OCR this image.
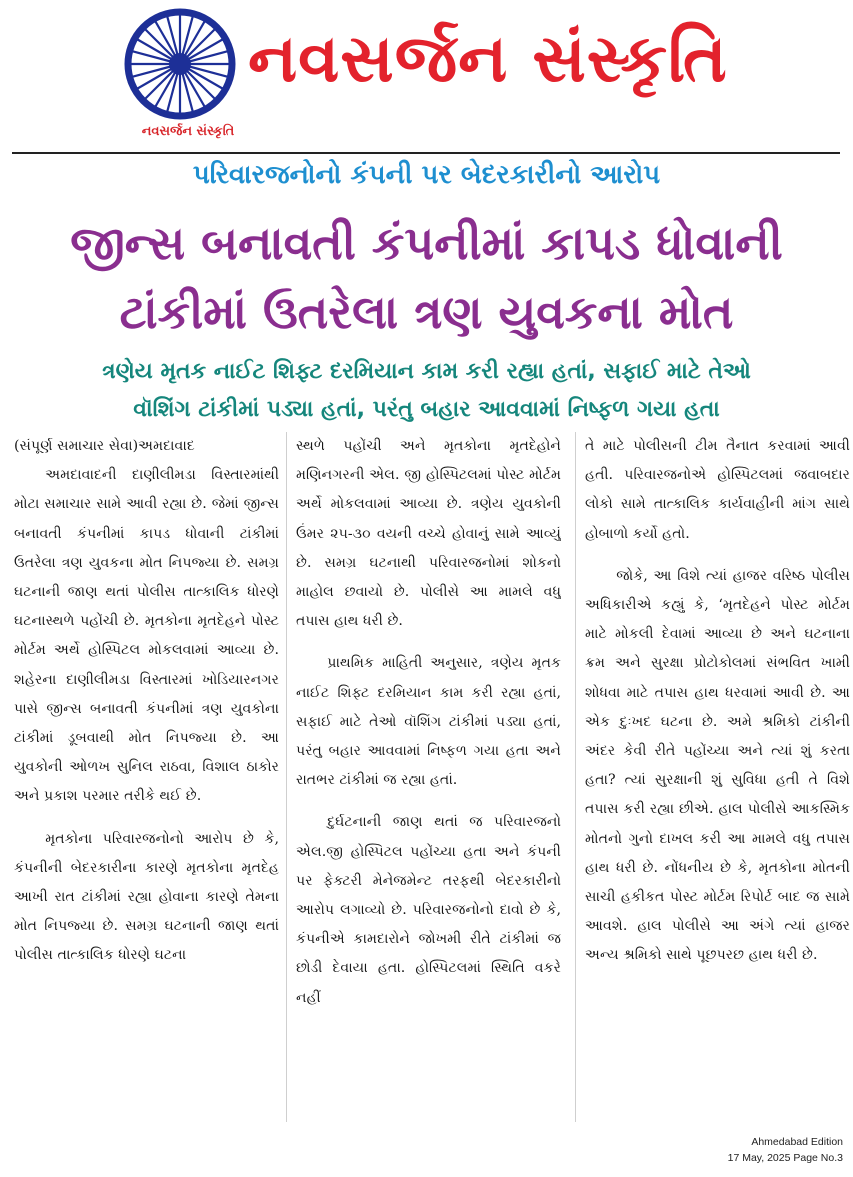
નવસર્જન સંસ્કૃતિ
નવસર્જન સંસ્કૃતિ
પરિવારજનોનો કંપની પર બેદરકારીનો આરોપ
જીન્સ બનાવતી કંપનીમાં કાપડ ધોવાની
ટાંકીમાં ઉતરેલા ત્રણ યુવકના મોત
ત્રણેય મૃતક નાઈટ શિફ્ટ દરમિયાન કામ કરી રહ્યા હતાં, સફાઈ માટે તેઓ
વૉશિંગ ટાંકીમાં પડ્યા હતાં, પરંતુ બહાર આવવામાં નિષ્ફળ ગયા હતા

(સંપૂર્ણ સમાચાર સેવા)અમદાવાદ

અમદાવાદની દાણીલીમડા વિસ્તારમાંથી મોટા સમાચાર સામે આવી રહ્યા છે. જેમાં જીન્સ બનાવતી કંપનીમાં કાપડ ધોવાની ટાંકીમાં ઉતરેલા ત્રણ યુવકના મોત નિપજ્યા છે. સમગ્ર ઘટનાની જાણ થતાં પોલીસ તાત્કાલિક ધોરણે ઘટનાસ્થળે પહોંચી છે. મૃતકોના મૃતદેહને પોસ્ટ મોર્ટમ અર્થે હોસ્પિટલ મોકલવામાં આવ્યા છે. શહેરના દાણીલીમડા વિસ્તારમાં ખોડિયારનગર પાસે જીન્સ બનાવતી કંપનીમાં ત્રણ યુવકોના ટાંકીમાં ડૂબવાથી મોત નિપજ્યા છે. આ યુવકોની ઓળખ સુનિલ રાઠવા, વિશાલ ઠાકોર અને પ્રકાશ પરમાર તરીકે થઈ છે.

મૃતકોના પરિવારજનોનો આરોપ છે કે, કંપનીની બેદરકારીના કારણે મૃતકોના મૃતદેહ આખી રાત ટાંકીમાં રહ્યા હોવાના કારણે તેમના મોત નિપજ્યા છે. સમગ્ર ઘટનાની જાણ થતાં પોલીસ તાત્કાલિક ધોરણે ઘટના

સ્થળે પહોંચી અને મૃતકોના મૃતદેહોને મણિનગરની એલ. જી હોસ્પિટલમાં પોસ્ટ મોર્ટમ અર્થે મોકલવામાં આવ્યા છે. ત્રણેય યુવકોની ઉંમર ૨૫-૩૦ વયની વચ્ચે હોવાનું સામે આવ્યું છે. સમગ્ર ઘટનાથી પરિવારજનોમાં શોકનો માહોલ છવાયો છે. પોલીસે આ મામલે વધુ તપાસ હાથ ધરી છે.

પ્રાથમિક માહિતી અનુસાર, ત્રણેય મૃતક નાઈટ શિફ્ટ દરમિયાન કામ કરી રહ્યા હતાં, સફાઈ માટે તેઓ વૉશિંગ ટાંકીમાં પડ્યા હતાં, પરંતુ બહાર આવવામાં નિષ્ફળ ગયા હતા અને રાતભર ટાંકીમાં જ રહ્યા હતાં.

દુર્ઘટનાની જાણ થતાં જ પરિવારજનો એલ.જી હોસ્પિટલ પહોંચ્યા હતા અને કંપની પર ફેક્ટરી મેનેજમેન્ટ તરફથી બેદરકારીનો આરોપ લગાવ્યો છે. પરિવારજનોનો દાવો છે કે, કંપનીએ કામદારોને જોખમી રીતે ટાંકીમાં જ છોડી દેવાયા હતા. હોસ્પિટલમાં સ્થિતિ વકરે નહીં

તે માટે પોલીસની ટીમ તૈનાત કરવામાં આવી હતી. પરિવારજનોએ હોસ્પિટલમાં જવાબદાર લોકો સામે તાત્કાલિક કાર્યવાહીની માંગ સાથે હોબાળો કર્યો હતો.

જોકે, આ વિશે ત્યાં હાજર વરિષ્ઠ પોલીસ અધિકારીએ કહ્યું કે, ‘મૃતદેહને પોસ્ટ મોર્ટમ માટે મોકલી દેવામાં આવ્યા છે અને ઘટનાના ક્રમ અને સુરક્ષા પ્રોટોકોલમાં સંભવિત ખામી શોધવા માટે તપાસ હાથ ધરવામાં આવી છે. આ એક દુઃખદ ઘટના છે. અમે શ્રમિકો ટાંકીની અંદર કેવી રીતે પહોંચ્યા અને ત્યાં શું કરતા હતા? ત્યાં સુરક્ષાની શું સુવિધા હતી તે વિશે તપાસ કરી રહ્યા છીએ. હાલ પોલીસે આકસ્મિક મોતનો ગુનો દાખલ કરી આ મામલે વધુ તપાસ હાથ ધરી છે. નોંધનીય છે કે, મૃતકોના મોતની સાચી હકીકત પોસ્ટ મોર્ટમ રિપોર્ટ બાદ જ સામે આવશે. હાલ પોલીસે આ અંગે ત્યાં હાજર અન્ય શ્રમિકો સાથે પૂછપરછ હાથ ધરી છે.

Ahmedabad Edition
17 May, 2025 Page No.3
